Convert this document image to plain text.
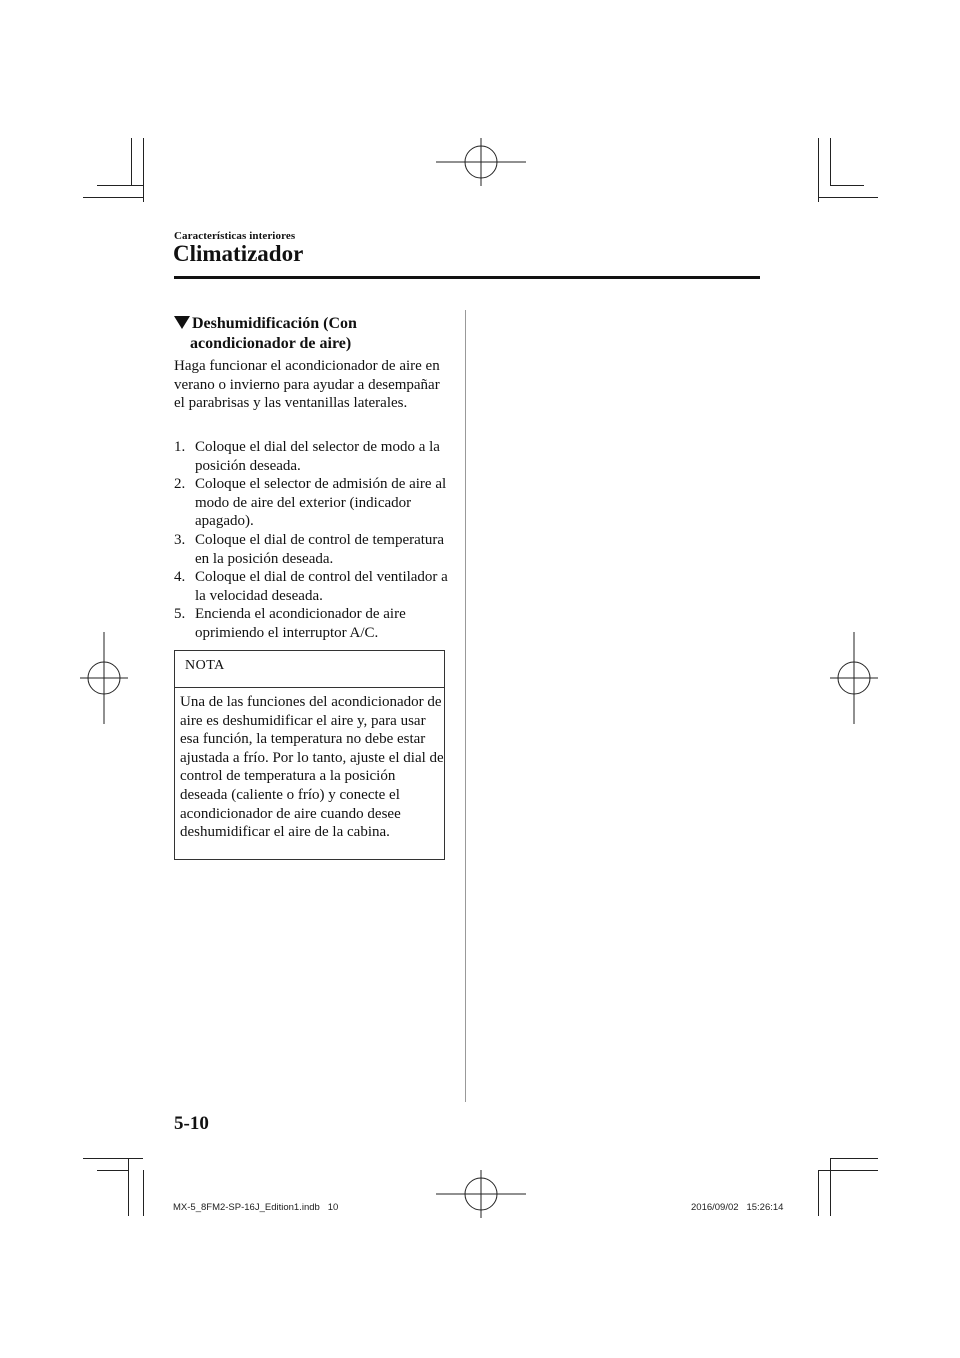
Características interiores
Climatizador
Deshumidificación (Con
acondicionador de aire)
Haga funcionar el acondicionador de aire en verano o invierno para ayudar a desempañar el parabrisas y las ventanillas laterales.
1. Coloque el dial del selector de modo a la posición deseada.
2. Coloque el selector de admisión de aire al modo de aire del exterior (indicador apagado).
3. Coloque el dial de control de temperatura en la posición deseada.
4. Coloque el dial de control del ventilador a la velocidad deseada.
5. Encienda el acondicionador de aire oprimiendo el interruptor A/C.
NOTA
Una de las funciones del acondicionador de aire es deshumidificar el aire y, para usar esa función, la temperatura no debe estar ajustada a frío. Por lo tanto, ajuste el dial de control de temperatura a la posición deseada (caliente o frío) y conecte el acondicionador de aire cuando desee deshumidificar el aire de la cabina.
5-10
MX-5_8FM2-SP-16J_Edition1.indb   10	2016/09/02   15:26:14
